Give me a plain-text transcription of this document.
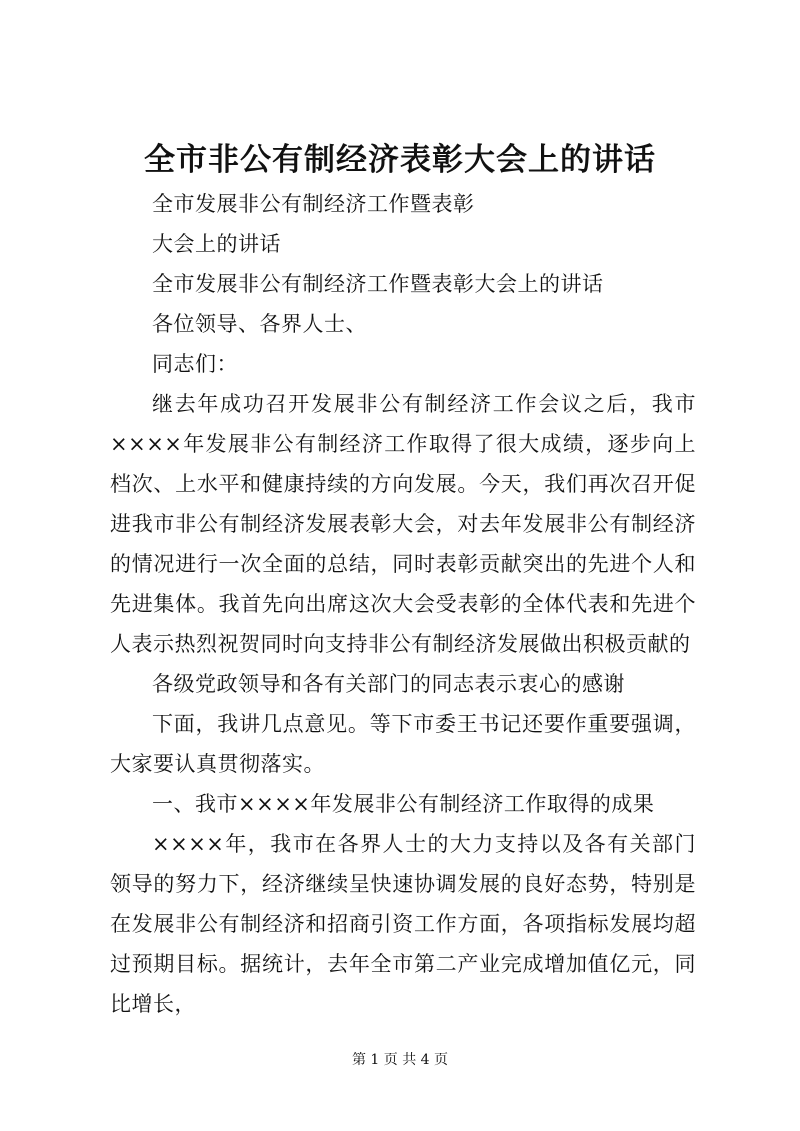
全市非公有制经济表彰大会上的讲话

全市发展非公有制经济工作暨表彰

大会上的讲话

全市发展非公有制经济工作暨表彰大会上的讲话

各位领导、各界人士、

同志们：

继去年成功召开发展非公有制经济工作会议之后，我市××××年发展非公有制经济工作取得了很大成绩，逐步向上档次、上水平和健康持续的方向发展。今天，我们再次召开促进我市非公有制经济发展表彰大会，对去年发展非公有制经济的情况进行一次全面的总结，同时表彰贡献突出的先进个人和先进集体。我首先向出席这次大会受表彰的全体代表和先进个人表示热烈祝贺同时向支持非公有制经济发展做出积极贡献的

各级党政领导和各有关部门的同志表示衷心的感谢

下面，我讲几点意见。等下市委王书记还要作重要强调，大家要认真贯彻落实。

一、我市××××年发展非公有制经济工作取得的成果

××××年，我市在各界人士的大力支持以及各有关部门领导的努力下，经济继续呈快速协调发展的良好态势，特别是在发展非公有制经济和招商引资工作方面，各项指标发展均超过预期目标。据统计，去年全市第二产业完成增加值亿元，同比增长，

第 1 页 共 4 页
